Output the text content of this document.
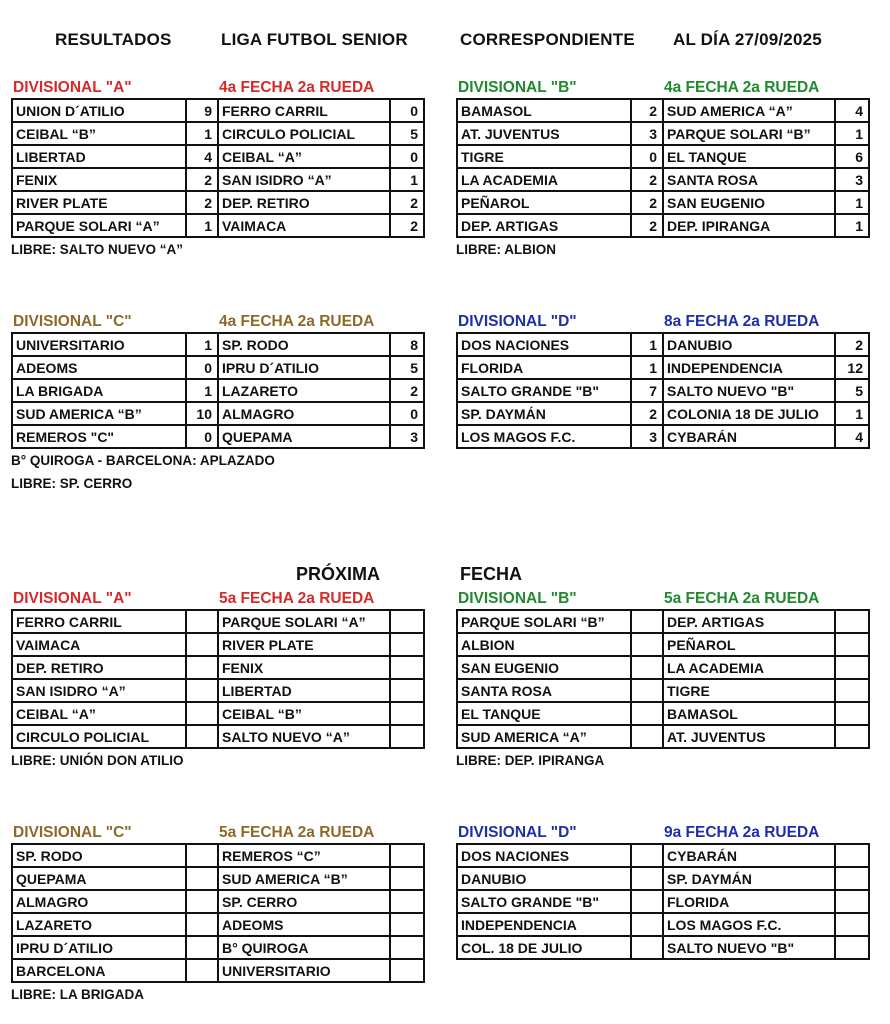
RESULTADOS	LIGA FUTBOL SENIOR	CORRESPONDIENTE AL DÍA 27/09/2025
DIVISIONAL "A"	4a FECHA 2a RUEDA
UNION D´ATILIO	9	FERRO CARRIL	0
CEIBAL “B”	1	CIRCULO POLICIAL	5
LIBERTAD	4	CEIBAL “A”	0
FENIX	2	SAN ISIDRO “A”	1
RIVER PLATE	2	DEP. RETIRO	2
PARQUE SOLARI “A”	1	VAIMACA	2
LIBRE: SALTO NUEVO “A”
DIVISIONAL "B"	4a FECHA 2a RUEDA
BAMASOL	2	SUD AMERICA “A”	4
AT. JUVENTUS	3	PARQUE SOLARI “B”	1
TIGRE	0	EL TANQUE	6
LA ACADEMIA	2	SANTA ROSA	3
PEÑAROL	2	SAN EUGENIO	1
DEP. ARTIGAS	2	DEP. IPIRANGA	1
LIBRE: ALBION
DIVISIONAL "C"	4a FECHA 2a RUEDA
UNIVERSITARIO	1	SP. RODO	8
ADEOMS	0	IPRU D´ATILIO	5
LA BRIGADA	1	LAZARETO	2
SUD AMERICA “B”	10	ALMAGRO	0
REMEROS "C"	0	QUEPAMA	3
B° QUIROGA - BARCELONA: APLAZADO
LIBRE: SP. CERRO
DIVISIONAL "D"	8a FECHA 2a RUEDA
DOS NACIONES	1	DANUBIO	2
FLORIDA	1	INDEPENDENCIA	12
SALTO GRANDE "B"	7	SALTO NUEVO "B"	5
SP. DAYMÁN	2	COLONIA 18 DE JULIO	1
LOS MAGOS F.C.	3	CYBARÁN	4
PRÓXIMA	FECHA
DIVISIONAL "A"	5a FECHA 2a RUEDA
FERRO CARRIL		PARQUE SOLARI “A”	
VAIMACA		RIVER PLATE	
DEP. RETIRO		FENIX	
SAN ISIDRO “A”		LIBERTAD	
CEIBAL “A”		CEIBAL “B”	
CIRCULO POLICIAL		SALTO NUEVO “A”	
LIBRE: UNIÓN DON ATILIO
DIVISIONAL "B"	5a FECHA 2a RUEDA
PARQUE SOLARI “B”		DEP. ARTIGAS	
ALBION		PEÑAROL	
SAN EUGENIO		LA ACADEMIA	
SANTA ROSA		TIGRE	
EL TANQUE		BAMASOL	
SUD AMERICA “A”		AT. JUVENTUS	
LIBRE: DEP. IPIRANGA
DIVISIONAL "C"	5a FECHA 2a RUEDA
SP. RODO		REMEROS “C”	
QUEPAMA		SUD AMERICA “B”	
ALMAGRO		SP. CERRO	
LAZARETO		ADEOMS	
IPRU D´ATILIO		B° QUIROGA	
BARCELONA		UNIVERSITARIO	
LIBRE: LA BRIGADA
DIVISIONAL "D"	9a FECHA 2a RUEDA
DOS NACIONES		CYBARÁN	
DANUBIO		SP. DAYMÁN	
SALTO GRANDE "B"		FLORIDA	
INDEPENDENCIA		LOS MAGOS F.C.	
COL. 18 DE JULIO		SALTO NUEVO "B"	
